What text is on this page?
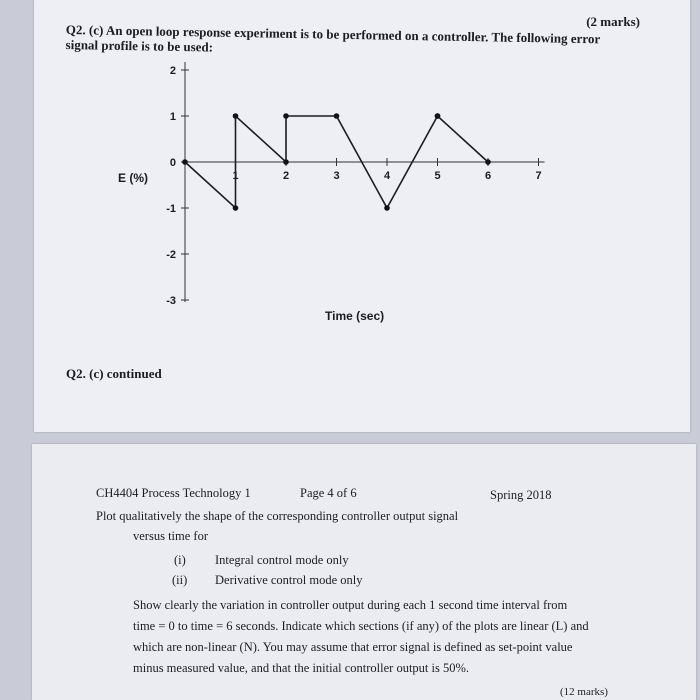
(2 marks)
Q2. (c) An open loop response experiment is to be performed on a controller. The following error signal profile is to be used:
2
1
0
-1
-2
-3
1	2	3	4	5	6	7
E (%)
Time (sec)
Q2. (c) continued
CH4404 Process Technology 1	Page 4 of 6	Spring 2018
Plot qualitatively the shape of the corresponding controller output signal
versus time for
(i) Integral control mode only
(ii) Derivative control mode only
Show clearly the variation in controller output during each 1 second time interval from
time = 0 to time = 6 seconds. Indicate which sections (if any) of the plots are linear (L) and
which are non-linear (N). You may assume that error signal is defined as set-point value
minus measured value, and that the initial controller output is 50%.
(12 marks)
